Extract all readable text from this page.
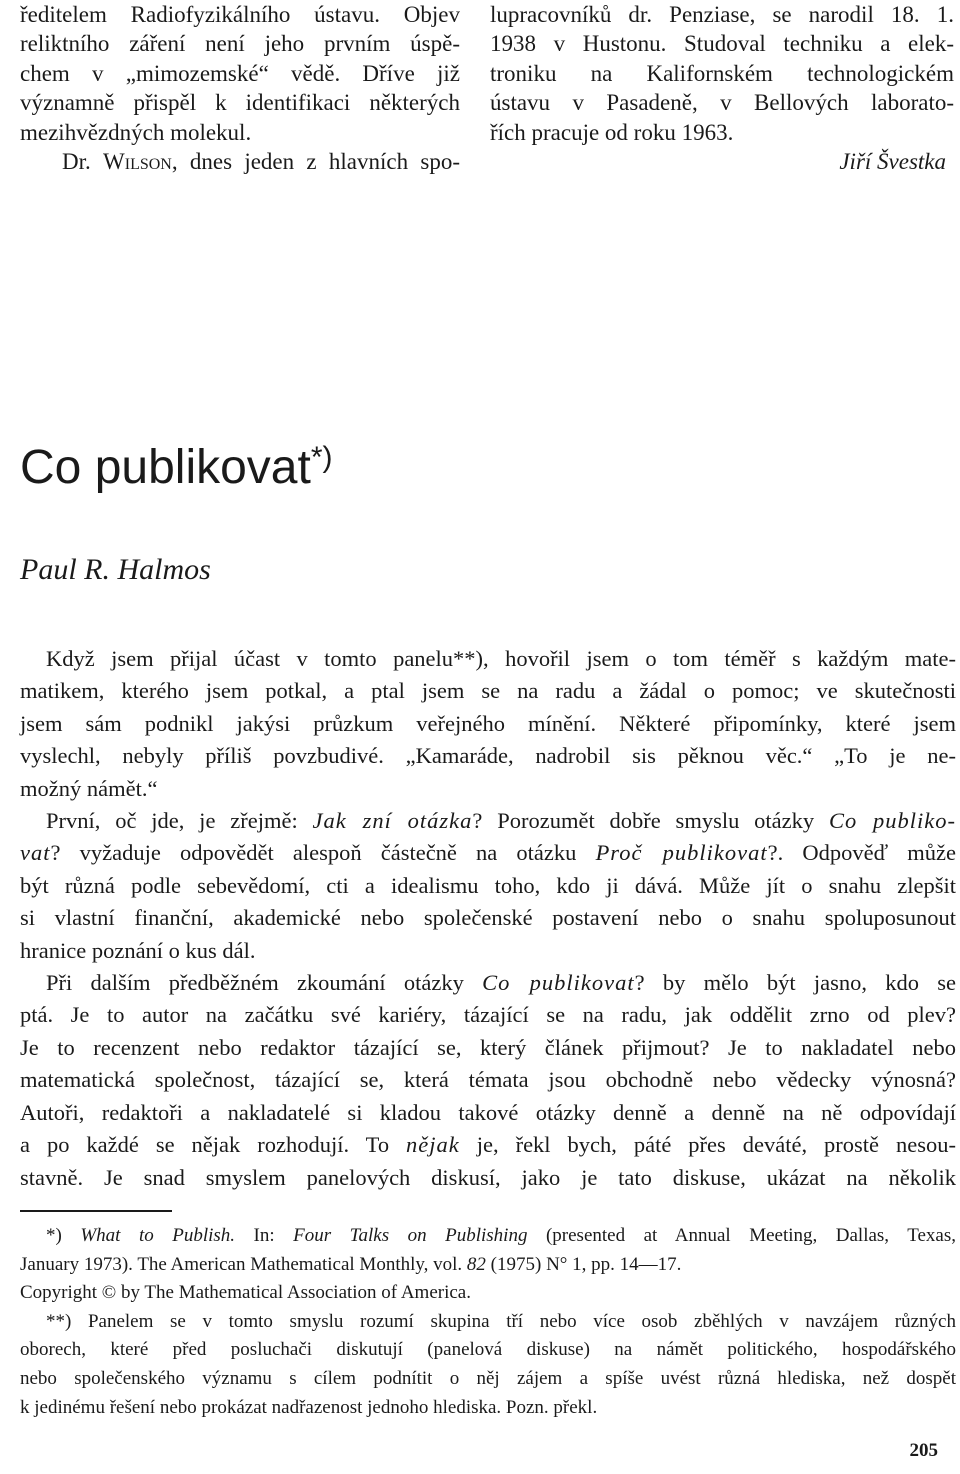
ředitelem Radiofyzikálního ústavu. Objev
reliktního záření není jeho prvním úspě-
chem v „mimozemské“ vědě. Dříve již
významně přispěl k identifikaci některých
mezihvězdných molekul.
Dr. Wilson, dnes jeden z hlavních spo-
lupracovníků dr. Penziase, se narodil 18. 1.
1938 v Hustonu. Studoval techniku a elek-
troniku na Kalifornském technologickém
ústavu v Pasadeně, v Bellových laborato-
řích pracuje od roku 1963.
Jiří Švestka
Co publikovat*)

Paul R. Halmos

Když jsem přijal účast v tomto panelu**), hovořil jsem o tom téměř s každým mate-
matikem, kterého jsem potkal, a ptal jsem se na radu a žádal o pomoc; ve skutečnosti
jsem sám podnikl jakýsi průzkum veřejného mínění. Některé připomínky, které jsem
vyslechl, nebyly příliš povzbudivé. „Kamaráde, nadrobil sis pěknou věc.“ „To je ne-
možný námět.“
První, oč jde, je zřejmě: Jak zní otázka? Porozumět dobře smyslu otázky Co publiko-
vat? vyžaduje odpovědět alespoň částečně na otázku Proč publikovat?. Odpověď může
být různá podle sebevědomí, cti a idealismu toho, kdo ji dává. Může jít o snahu zlepšit
si vlastní finanční, akademické nebo společenské postavení nebo o snahu spoluposunout
hranice poznání o kus dál.
Při dalším předběžném zkoumání otázky Co publikovat? by mělo být jasno, kdo se
ptá. Je to autor na začátku své kariéry, tázající se na radu, jak oddělit zrno od plev?
Je to recenzent nebo redaktor tázající se, který článek přijmout? Je to nakladatel nebo
matematická společnost, tázající se, která témata jsou obchodně nebo vědecky výnosná?
Autoři, redaktoři a nakladatelé si kladou takové otázky denně a denně na ně odpovídají
a po každé se nějak rozhodují. To nějak je, řekl bych, páté přes deváté, prostě nesou-
stavně. Je snad smyslem panelových diskusí, jako je tato diskuse, ukázat na několik
*) What to Publish. In: Four Talks on Publishing (presented at Annual Meeting, Dallas, Texas,
January 1973). The American Mathematical Monthly, vol. 82 (1975) N° 1, pp. 14—17.
Copyright © by The Mathematical Association of America.
**) Panelem se v tomto smyslu rozumí skupina tří nebo více osob zběhlých v navzájem různých
oborech, které před posluchači diskutují (panelová diskuse) na námět politického, hospodářského
nebo společenského významu s cílem podnítit o něj zájem a spíše uvést různá hlediska, než dospět
k jedinému řešení nebo prokázat nadřazenost jednoho hlediska. Pozn. překl.
205
